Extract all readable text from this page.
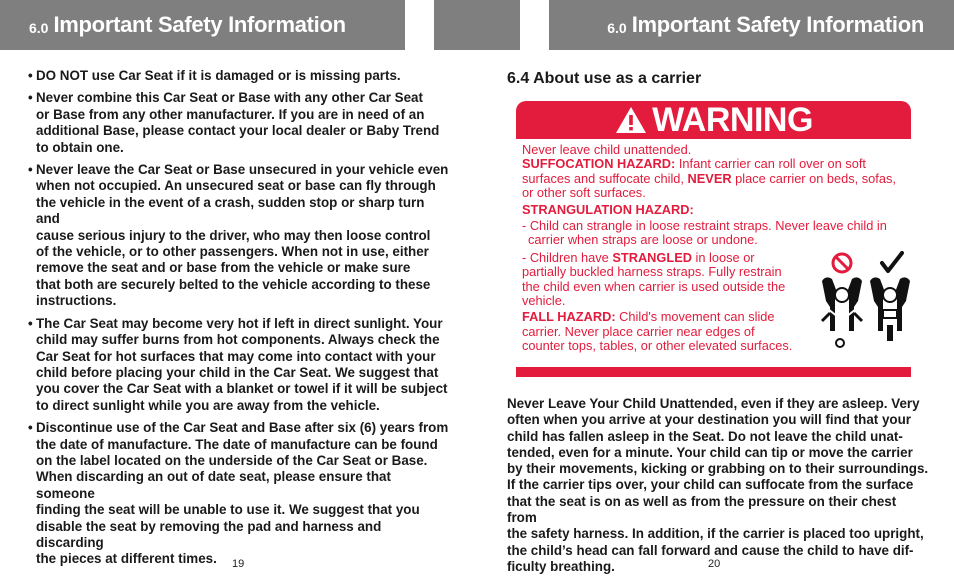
6.0 Important Safety Information	6.0 Important Safety Information
• DO NOT use Car Seat if it is damaged or is missing parts.
• Never combine this Car Seat or Base with any other Car Seat
or Base from any other manufacturer. If you are in need of an
additional Base, please contact your local dealer or Baby Trend
to obtain one.
• Never leave the Car Seat or Base unsecured in your vehicle even
when not occupied. An unsecured seat or base can fly through
the vehicle in the event of a crash, sudden stop or sharp turn and
cause serious injury to the driver, who may then loose control
of the vehicle, or to other passengers. When not in use, either
remove the seat and or base from the vehicle or make sure
that both are securely belted to the vehicle according to these
instructions.
• The Car Seat may become very hot if left in direct sunlight. Your
child may suffer burns from hot components. Always check the
Car Seat for hot surfaces that may come into contact with your
child before placing your child in the Car Seat. We suggest that
you cover the Car Seat with a blanket or towel if it will be subject
to direct sunlight while you are away from the vehicle.
• Discontinue use of the Car Seat and Base after six (6) years from
the date of manufacture. The date of manufacture can be found
on the label located on the underside of the Car Seat or Base.
When discarding an out of date seat, please ensure that someone
finding the seat will be unable to use it. We suggest that you
disable the seat by removing the pad and harness and discarding
the pieces at different times.
6.4 About use as a carrier
WARNING

Never leave child unattended.

SUFFOCATION HAZARD: Infant carrier can roll over on soft

surfaces and suffocate child, NEVER place carrier on beds, sofas,

or other soft surfaces.

STRANGULATION HAZARD:

- Child can strangle in loose restraint straps. Never leave child in

carrier when straps are loose or undone.

- Children have STRANGLED in loose or

partially buckled harness straps. Fully restrain

the child even when carrier is used outside the

vehicle.

FALL HAZARD: Child's movement can slide

carrier. Never place carrier near edges of

counter tops, tables, or other elevated surfaces.

Never Leave Your Child Unattended, even if they are asleep. Very
often when you arrive at your destination you will find that your
child has fallen asleep in the Seat. Do not leave the child unat-
tended, even for a minute. Your child can tip or move the carrier
by their movements, kicking or grabbing on to their surroundings.
If the carrier tips over, your child can suffocate from the surface
that the seat is on as well as from the pressure on their chest from
the safety harness. In addition, if the carrier is placed too upright,
the child’s head can fall forward and cause the child to have dif-
ficulty breathing.
19	20
